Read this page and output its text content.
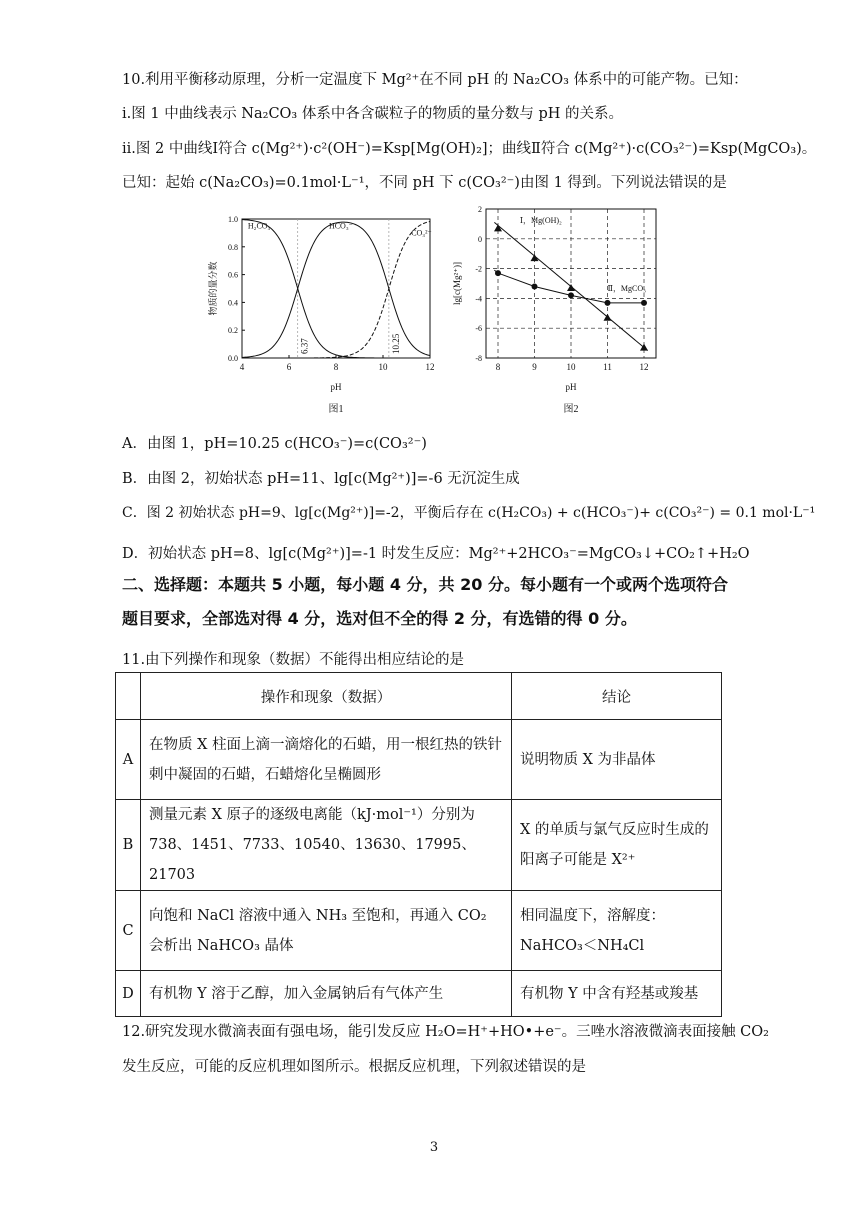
10.利用平衡移动原理，分析一定温度下 Mg²⁺在不同 pH 的 Na₂CO₃ 体系中的可能产物。已知：
i.图 1 中曲线表示 Na₂CO₃ 体系中各含碳粒子的物质的量分数与 pH 的关系。
ii.图 2 中曲线Ⅰ符合 c(Mg²⁺)·c²(OH⁻)=Ksp[Mg(OH)₂]；曲线Ⅱ符合 c(Mg²⁺)·c(CO₃²⁻)=Ksp(MgCO₃)。
已知：起始 c(Na₂CO₃)=0.1mol·L⁻¹，不同 pH 下 c(CO₃²⁻)由图 1 得到。下列说法错误的是
4	6	8	10	12
0.0
0.2
0.4
0.6
0.8
1.0
6.37	10.25
H₂CO₃	HCO₃⁻
CO₃²⁻
pH
物质的量分数
图1
8	9	10	11	12
2
0
-2
-4
-6
-8
Ⅰ，Mg(OH)₂
Ⅱ，MgCO₃
pH
lg[c(Mg²⁺)]
图2
A．由图 1，pH=10.25 c(HCO₃⁻)=c(CO₃²⁻)
B．由图 2，初始状态 pH=11、lg[c(Mg²⁺)]=-6 无沉淀生成
C．图 2 初始状态 pH=9、lg[c(Mg²⁺)]=-2，平衡后存在 c(H₂CO₃) + c(HCO₃⁻)+ c(CO₃²⁻) = 0.1 mol·L⁻¹
D．初始状态 pH=8、lg[c(Mg²⁺)]=-1 时发生反应：Mg²⁺+2HCO₃⁻=MgCO₃↓+CO₂↑+H₂O
二、选择题：本题共 5 小题，每小题 4 分，共 20 分。每小题有一个或两个选项符合
题目要求，全部选对得 4 分，选对但不全的得 2 分，有选错的得 0 分。
11.由下列操作和现象（数据）不能得出相应结论的是
	操作和现象（数据）	结论
A	在物质 X 柱面上滴一滴熔化的石蜡，用一根红热的铁针刺中凝固的石蜡，石蜡熔化呈椭圆形	说明物质 X 为非晶体
B	测量元素 X 原子的逐级电离能（kJ·mol⁻¹）分别为 738、1451、7733、10540、13630、17995、21703	X 的单质与氯气反应时生成的阳离子可能是 X²⁺
C	向饱和 NaCl 溶液中通入 NH₃ 至饱和，再通入 CO₂ 会析出 NaHCO₃ 晶体	相同温度下，溶解度：NaHCO₃＜NH₄Cl
D	有机物 Y 溶于乙醇，加入金属钠后有气体产生	有机物 Y 中含有羟基或羧基
12.研究发现水微滴表面有强电场，能引发反应 H₂O=H⁺+HO•+e⁻。三唑水溶液微滴表面接触 CO₂
发生反应，可能的反应机理如图所示。根据反应机理，下列叙述错误的是
3
